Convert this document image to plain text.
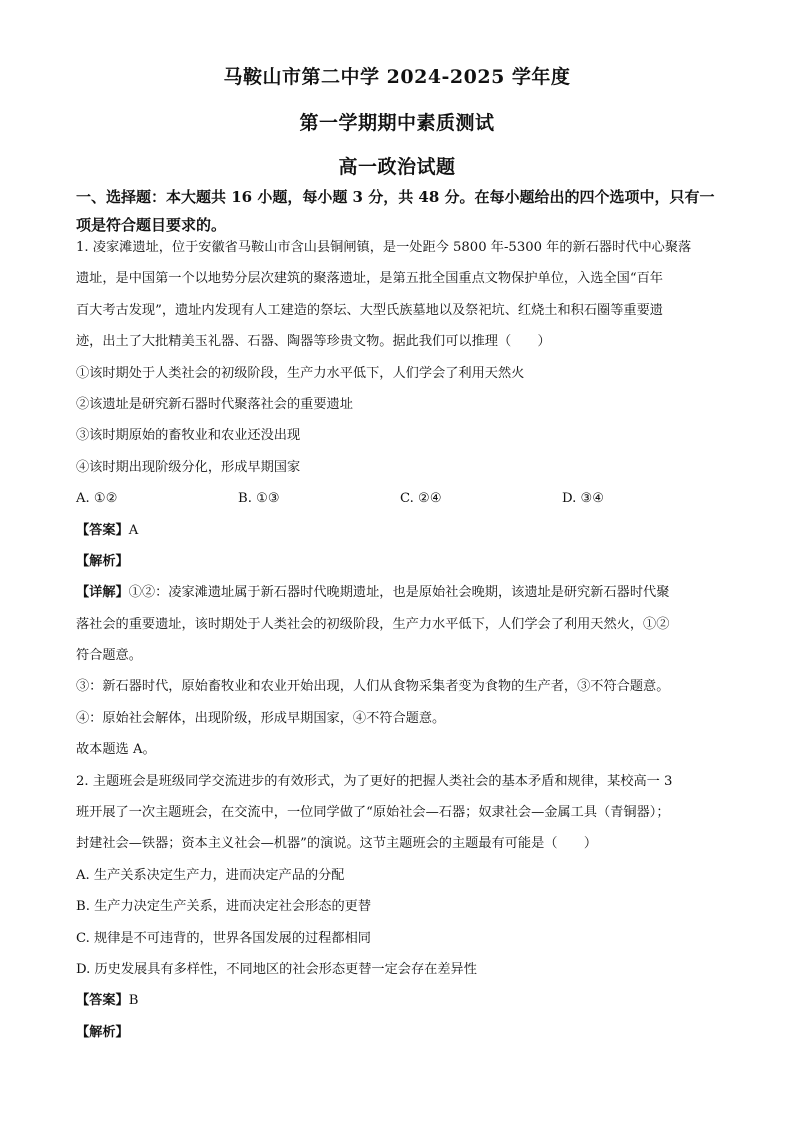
马鞍山市第二中学 2024-2025 学年度
第一学期期中素质测试
高一政治试题
一、选择题：本大题共 16 小题，每小题 3 分，共 48 分。在每小题给出的四个选项中，只有一项是符合题目要求的。
1. 凌家滩遗址，位于安徽省马鞍山市含山县铜闸镇，是一处距今 5800 年-5300 年的新石器时代中心聚落
遗址，是中国第一个以地势分层次建筑的聚落遗址，是第五批全国重点文物保护单位，入选全国“百年
百大考古发现”，遗址内发现有人工建造的祭坛、大型氏族墓地以及祭祀坑、红烧土和积石圈等重要遗
迹，出土了大批精美玉礼器、石器、陶器等珍贵文物。据此我们可以推理（　　）
①该时期处于人类社会的初级阶段，生产力水平低下，人们学会了利用天然火
②该遗址是研究新石器时代聚落社会的重要遗址
③该时期原始的畜牧业和农业还没出现
④该时期出现阶级分化，形成早期国家
A. ①②	B. ①③	C. ②④	D. ③④
【答案】A
【解析】
【详解】①②：凌家滩遗址属于新石器时代晚期遗址，也是原始社会晚期，该遗址是研究新石器时代聚
落社会的重要遗址，该时期处于人类社会的初级阶段，生产力水平低下，人们学会了利用天然火，①②
符合题意。
③：新石器时代，原始畜牧业和农业开始出现，人们从食物采集者变为食物的生产者，③不符合题意。
④：原始社会解体，出现阶级，形成早期国家，④不符合题意。
故本题选 A。
2. 主题班会是班级同学交流进步的有效形式，为了更好的把握人类社会的基本矛盾和规律，某校高一 3
班开展了一次主题班会，在交流中，一位同学做了“原始社会—石器；奴隶社会—金属工具（青铜器）；
封建社会—铁器；资本主义社会—机器”的演说。这节主题班会的主题最有可能是（　　）
A. 生产关系决定生产力，进而决定产品的分配
B. 生产力决定生产关系，进而决定社会形态的更替
C. 规律是不可违背的，世界各国发展的过程都相同
D. 历史发展具有多样性，不同地区的社会形态更替一定会存在差异性
【答案】B
【解析】
